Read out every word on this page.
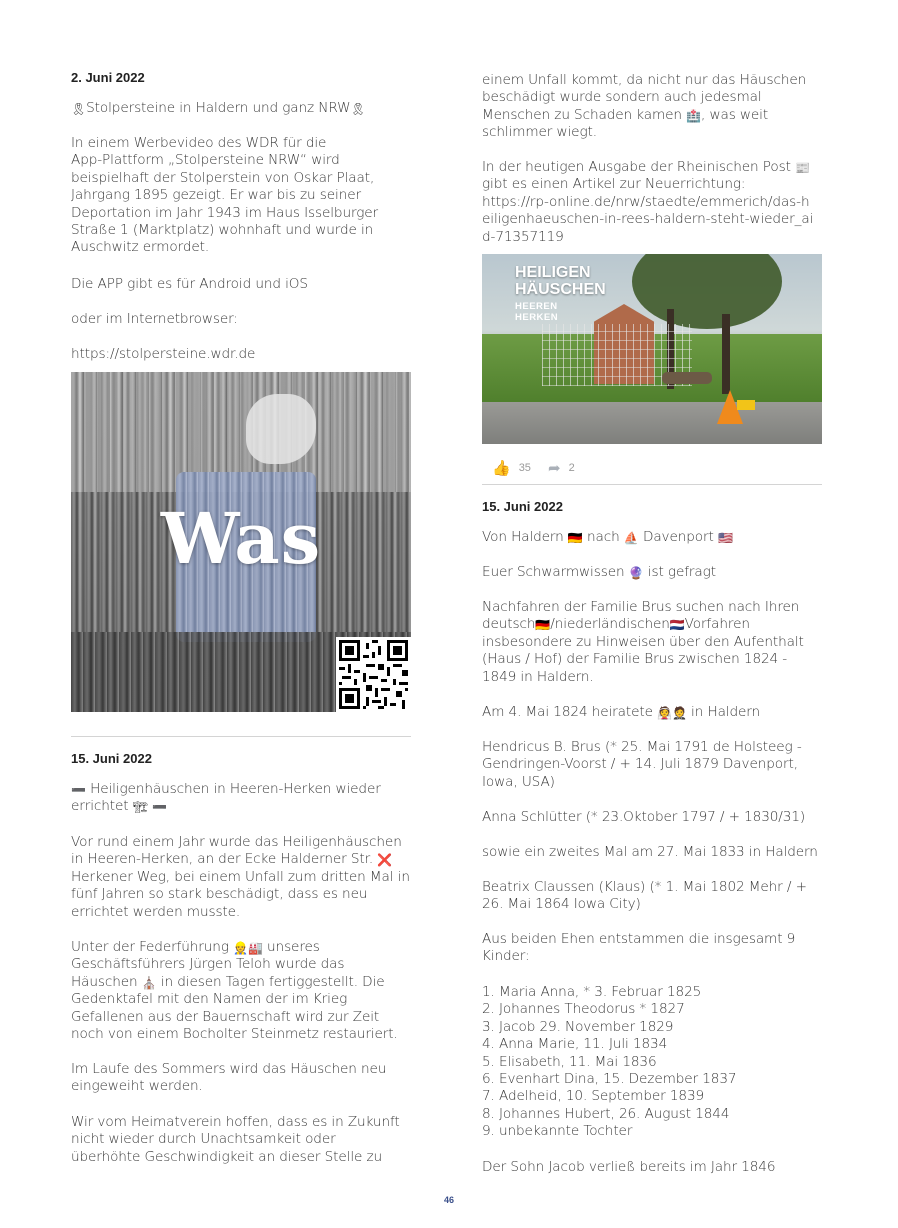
2. Juni 2022

🎗Stolpersteine in Haldern und ganz NRW🎗

In einem Werbevideo des WDR für die
App-Plattform „Stolpersteine NRW“ wird
beispielhaft der Stolperstein von Oskar Plaat,
Jahrgang 1895 gezeigt. Er war bis zu seiner
Deportation im Jahr 1943 im Haus Isselburger
Straße 1 (Marktplatz) wohnhaft und wurde in
Auschwitz ermordet.

Die APP gibt es für Android und iOS

oder im Internetbrowser:

https://stolpersteine.wdr.de

Was
15. Juni 2022

➖ Heiligenhäuschen in Heeren-Herken wieder
errichtet 🏗 ➖

Vor rund einem Jahr wurde das Heiligenhäuschen
in Heeren-Herken, an der Ecke Halderner Str. ❌
Herkener Weg, bei einem Unfall zum dritten Mal in
fünf Jahren so stark beschädigt, dass es neu
errichtet werden musste.

Unter der Federführung 👷🏭 unseres
Geschäftsführers Jürgen Teloh wurde das
Häuschen ⛪ in diesen Tagen fertiggestellt. Die
Gedenktafel mit den Namen der im Krieg
Gefallenen aus der Bauernschaft wird zur Zeit
noch von einem Bocholter Steinmetz restauriert.

Im Laufe des Sommers wird das Häuschen neu
eingeweiht werden.

Wir vom Heimatverein hoffen, dass es in Zukunft
nicht wieder durch Unachtsamkeit oder
überhöhte Geschwindigkeit an dieser Stelle zu

einem Unfall kommt, da nicht nur das Häuschen
beschädigt wurde sondern auch jedesmal
Menschen zu Schaden kamen 🏥, was weit
schlimmer wiegt.

In der heutigen Ausgabe der Rheinischen Post 📰
gibt es einen Artikel zur Neuerrichtung:
https://rp-online.de/nrw/staedte/emmerich/das-h
eiligenhaeuschen-in-rees-haldern-steht-wieder_ai
d-71357119

HEILIGEN
HÄUSCHEN
HEEREN
HERKEN
👍 35 ➦ 2
15. Juni 2022

Von Haldern 🇩🇪 nach ⛵ Davenport 🇺🇸

Euer Schwarmwissen 🔮 ist gefragt

Nachfahren der Familie Brus suchen nach Ihren
deutsch🇩🇪/niederländischen🇳🇱Vorfahren
insbesondere zu Hinweisen über den Aufenthalt
(Haus / Hof) der Familie Brus zwischen 1824 -
1849 in Haldern.

Am 4. Mai 1824 heiratete 👰🤵 in Haldern

Hendricus B. Brus (* 25. Mai 1791 de Holsteeg -
Gendringen-Voorst / + 14. Juli 1879 Davenport,
Iowa, USA)

Anna Schlütter (* 23.Oktober 1797 / + 1830/31)

sowie ein zweites Mal am 27. Mai 1833 in Haldern

Beatrix Claussen (Klaus) (* 1. Mai 1802 Mehr / +
26. Mai 1864 Iowa City)

Aus beiden Ehen entstammen die insgesamt 9
Kinder:

1. Maria Anna, * 3. Februar 1825
2. Johannes Theodorus * 1827
3. Jacob 29. November 1829
4. Anna Marie, 11. Juli 1834
5. Elisabeth, 11. Mai 1836
6. Evenhart Dina, 15. Dezember 1837
7. Adelheid, 10. September 1839
8. Johannes Hubert, 26. August 1844
9. unbekannte Tochter

Der Sohn Jacob verließ bereits im Jahr 1846

46
